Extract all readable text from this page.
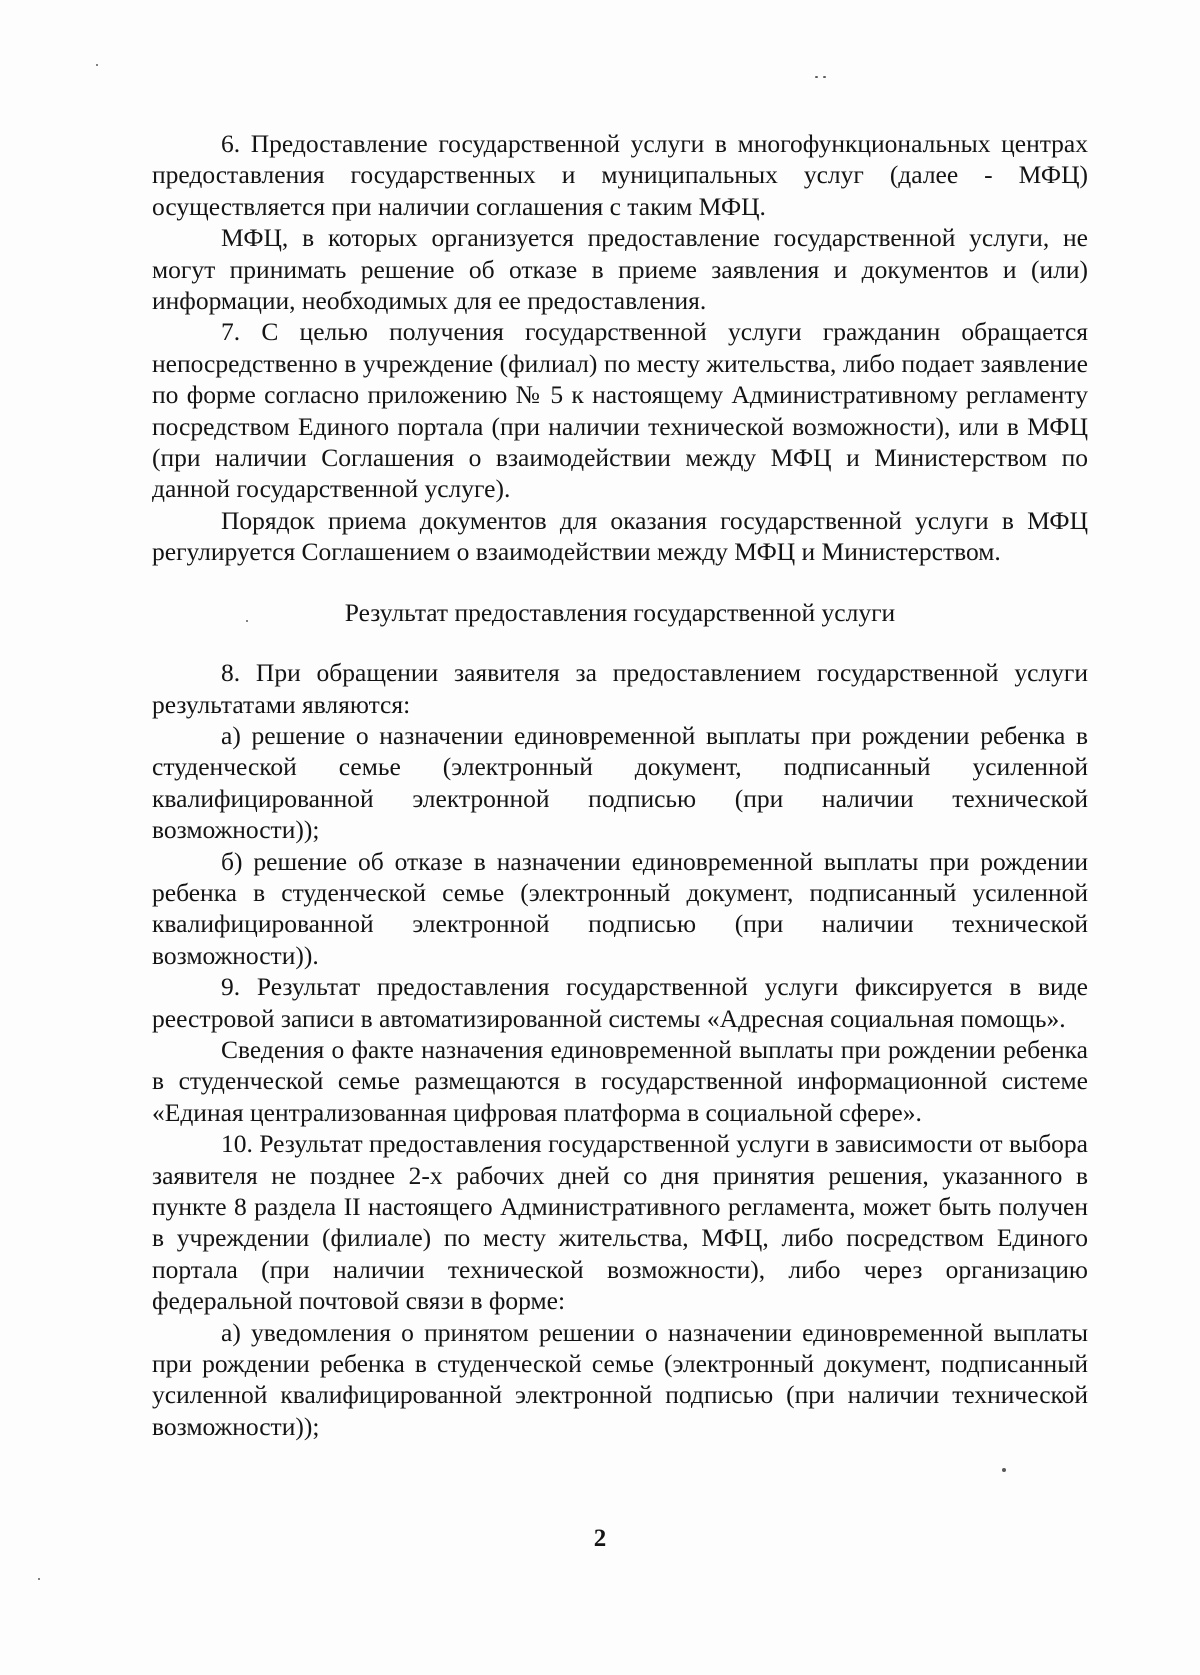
6. Предоставление государственной услуги в многофункциональных центрах предоставления государственных и муниципальных услуг (далее - МФЦ) осуществляется при наличии соглашения с таким МФЦ.

МФЦ, в которых организуется предоставление государственной услуги, не могут принимать решение об отказе в приеме заявления и документов и (или) информации, необходимых для ее предоставления.

7. С целью получения государственной услуги гражданин обращается непосредственно в учреждение (филиал) по месту жительства, либо подает заявление по форме согласно приложению № 5 к настоящему Административному регламенту посредством Единого портала (при наличии технической возможности), или в МФЦ (при наличии Соглашения о взаимодействии между МФЦ и Министерством по данной государственной услуге).

Порядок приема документов для оказания государственной услуги в МФЦ регулируется Соглашением о взаимодействии между МФЦ и Министерством.

Результат предоставления государственной услуги

8. При обращении заявителя за предоставлением государственной услуги результатами являются:

а) решение о назначении единовременной выплаты при рождении ребенка в студенческой семье (электронный документ, подписанный усиленной квалифицированной электронной подписью (при наличии технической возможности));

б) решение об отказе в назначении единовременной выплаты при рождении ребенка в студенческой семье (электронный документ, подписанный усиленной квалифицированной электронной подписью (при наличии технической возможности)).

9. Результат предоставления государственной услуги фиксируется в виде реестровой записи в автоматизированной системы «Адресная социальная помощь».

Сведения о факте назначения единовременной выплаты при рождении ребенка в студенческой семье размещаются в государственной информационной системе «Единая централизованная цифровая платформа в социальной сфере».

10. Результат предоставления государственной услуги в зависимости от выбора заявителя не позднее 2-х рабочих дней со дня принятия решения, указанного в пункте 8 раздела II настоящего Административного регламента, может быть получен в учреждении (филиале) по месту жительства, МФЦ, либо посредством Единого портала (при наличии технической возможности), либо через организацию федеральной почтовой связи в форме:

а) уведомления о принятом решении о назначении единовременной выплаты при рождении ребенка в студенческой семье (электронный документ, подписанный усиленной квалифицированной электронной подписью (при наличии технической возможности));

2
